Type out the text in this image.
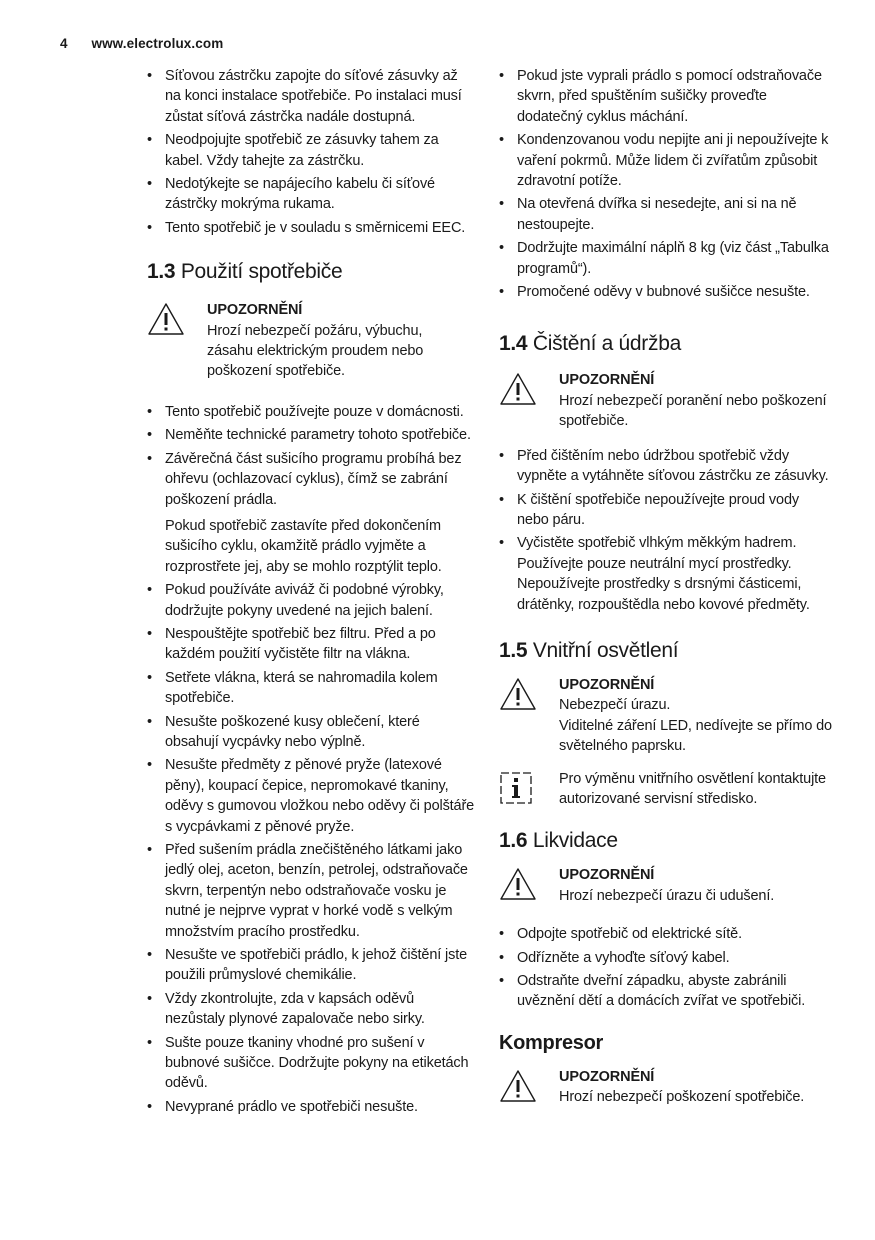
4 www.electrolux.com

• Síťovou zástrčku zapojte do síťové zásuvky až na konci instalace spotřebiče. Po instalaci musí zůstat síťová zástrčka nadále dostupná.

• Neodpojujte spotřebič ze zásuvky tahem za kabel. Vždy tahejte za zástrčku.

• Nedotýkejte se napájecího kabelu či síťové zástrčky mokrýma rukama.

• Tento spotřebič je v souladu s směrnicemi EEC.

1.3 Použití spotřebiče
UPOZORNĚNÍ
Hrozí nebezpečí požáru, výbuchu, zásahu elektrickým proudem nebo poškození spotřebiče.

• Tento spotřebič používejte pouze v domácnosti.

• Neměňte technické parametry tohoto spotřebiče.

• Závěrečná část sušicího programu probíhá bez ohřevu (ochlazovací cyklus), čímž se zabrání poškození prádla.

Pokud spotřebič zastavíte před dokončením sušicího cyklu, okamžitě prádlo vyjměte a rozprostřete jej, aby se mohlo rozptýlit teplo.

• Pokud používáte aviváž či podobné výrobky, dodržujte pokyny uvedené na jejich balení.

• Nespouštějte spotřebič bez filtru. Před a po každém použití vyčistěte filtr na vlákna.

• Setřete vlákna, která se nahromadila kolem spotřebiče.

• Nesušte poškozené kusy oblečení, které obsahují vycpávky nebo výplně.

• Nesušte předměty z pěnové pryže (latexové pěny), koupací čepice, nepromokavé tkaniny, oděvy s gumovou vložkou nebo oděvy či polštáře s vycpávkami z pěnové pryže.

• Před sušením prádla znečištěného látkami jako jedlý olej, aceton, benzín, petrolej, odstraňovače skvrn, terpentýn nebo odstraňovače vosku je nutné je nejprve vyprat v horké vodě s velkým množstvím pracího prostředku.

• Nesušte ve spotřebiči prádlo, k jehož čištění jste použili průmyslové chemikálie.

• Vždy zkontrolujte, zda v kapsách oděvů nezůstaly plynové zapalovače nebo sirky.

• Sušte pouze tkaniny vhodné pro sušení v bubnové sušičce. Dodržujte pokyny na etiketách oděvů.

• Nevyprané prádlo ve spotřebiči nesušte.

• Pokud jste vyprali prádlo s pomocí odstraňovače skvrn, před spuštěním sušičky proveďte dodatečný cyklus máchání.

• Kondenzovanou vodu nepijte ani ji nepoužívejte k vaření pokrmů. Může lidem či zvířatům způsobit zdravotní potíže.

• Na otevřená dvířka si nesedejte, ani si na ně nestoupejte.

• Dodržujte maximální náplň 8 kg (viz část „Tabulka programů“).

• Promočené oděvy v bubnové sušičce nesušte.

1.4 Čištění a údržba
UPOZORNĚNÍ
Hrozí nebezpečí poranění nebo poškození spotřebiče.

• Před čištěním nebo údržbou spotřebič vždy vypněte a vytáhněte síťovou zástrčku ze zásuvky.

• K čištění spotřebiče nepoužívejte proud vody nebo páru.

• Vyčistěte spotřebič vlhkým měkkým hadrem. Používejte pouze neutrální mycí prostředky. Nepoužívejte prostředky s drsnými částicemi, drátěnky, rozpouštědla nebo kovové předměty.

1.5 Vnitřní osvětlení
UPOZORNĚNÍ
Nebezpečí úrazu.
Viditelné záření LED, nedívejte se přímo do světelného paprsku.
Pro výměnu vnitřního osvětlení kontaktujte autorizované servisní středisko.
1.6 Likvidace
UPOZORNĚNÍ
Hrozí nebezpečí úrazu či udušení.

• Odpojte spotřebič od elektrické sítě.

• Odřízněte a vyhoďte síťový kabel.

• Odstraňte dveřní západku, abyste zabránili uvěznění dětí a domácích zvířat ve spotřebiči.

Kompresor
UPOZORNĚNÍ
Hrozí nebezpečí poškození spotřebiče.
